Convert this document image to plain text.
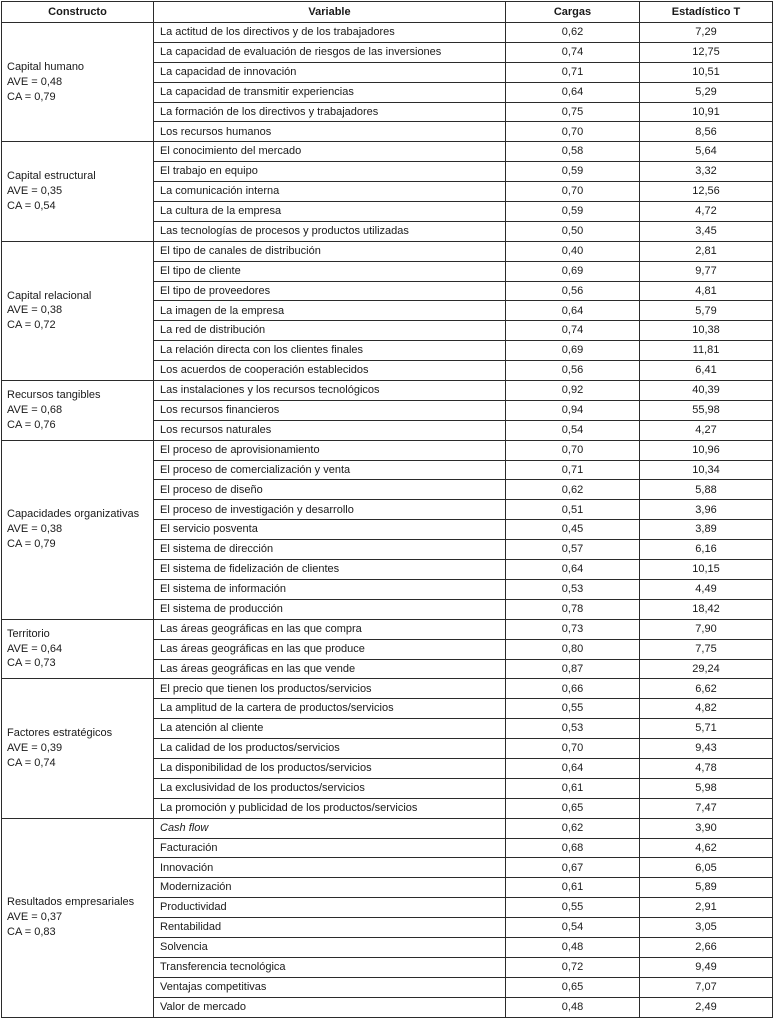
Constructo	Variable	Cargas	Estadístico T

Capital humano
AVE = 0,48
CA = 0,79	La actitud de los directivos y de los trabajadores	0,62	7,29
	La capacidad de evaluación de riesgos de las inversiones	0,74	12,75
	La capacidad de innovación	0,71	10,51
	La capacidad de transmitir experiencias	0,64	5,29
	La formación de los directivos y trabajadores	0,75	10,91
	Los recursos humanos	0,70	8,56

Capital estructural
AVE = 0,35
CA = 0,54	El conocimiento del mercado	0,58	5,64
	El trabajo en equipo	0,59	3,32
	La comunicación interna	0,70	12,56
	La cultura de la empresa	0,59	4,72
	Las tecnologías de procesos y productos utilizadas	0,50	3,45

Capital relacional
AVE = 0,38
CA = 0,72	El tipo de canales de distribución	0,40	2,81
	El tipo de cliente	0,69	9,77
	El tipo de proveedores	0,56	4,81
	La imagen de la empresa	0,64	5,79
	La red de distribución	0,74	10,38
	La relación directa con los clientes finales	0,69	11,81
	Los acuerdos de cooperación establecidos	0,56	6,41

Recursos tangibles
AVE = 0,68
CA = 0,76	Las instalaciones y los recursos tecnológicos	0,92	40,39
	Los recursos financieros	0,94	55,98
	Los recursos naturales	0,54	4,27

Capacidades organizativas
AVE = 0,38
CA = 0,79	El proceso de aprovisionamiento	0,70	10,96
	El proceso de comercialización y venta	0,71	10,34
	El proceso de diseño	0,62	5,88
	El proceso de investigación y desarrollo	0,51	3,96
	El servicio posventa	0,45	3,89
	El sistema de dirección	0,57	6,16
	El sistema de fidelización de clientes	0,64	10,15
	El sistema de información	0,53	4,49
	El sistema de producción	0,78	18,42

Territorio
AVE = 0,64
CA = 0,73	Las áreas geográficas en las que compra	0,73	7,90
	Las áreas geográficas en las que produce	0,80	7,75
	Las áreas geográficas en las que vende	0,87	29,24

Factores estratégicos
AVE = 0,39
CA = 0,74	El precio que tienen los productos/servicios	0,66	6,62
	La amplitud de la cartera de productos/servicios	0,55	4,82
	La atención al cliente	0,53	5,71
	La calidad de los productos/servicios	0,70	9,43
	La disponibilidad de los productos/servicios	0,64	4,78
	La exclusividad de los productos/servicios	0,61	5,98
	La promoción y publicidad de los productos/servicios	0,65	7,47

Resultados empresariales
AVE = 0,37
CA = 0,83	Cash flow	0,62	3,90
	Facturación	0,68	4,62
	Innovación	0,67	6,05
	Modernización	0,61	5,89
	Productividad	0,55	2,91
	Rentabilidad	0,54	3,05
	Solvencia	0,48	2,66
	Transferencia tecnológica	0,72	9,49
	Ventajas competitivas	0,65	7,07
	Valor de mercado	0,48	2,49
